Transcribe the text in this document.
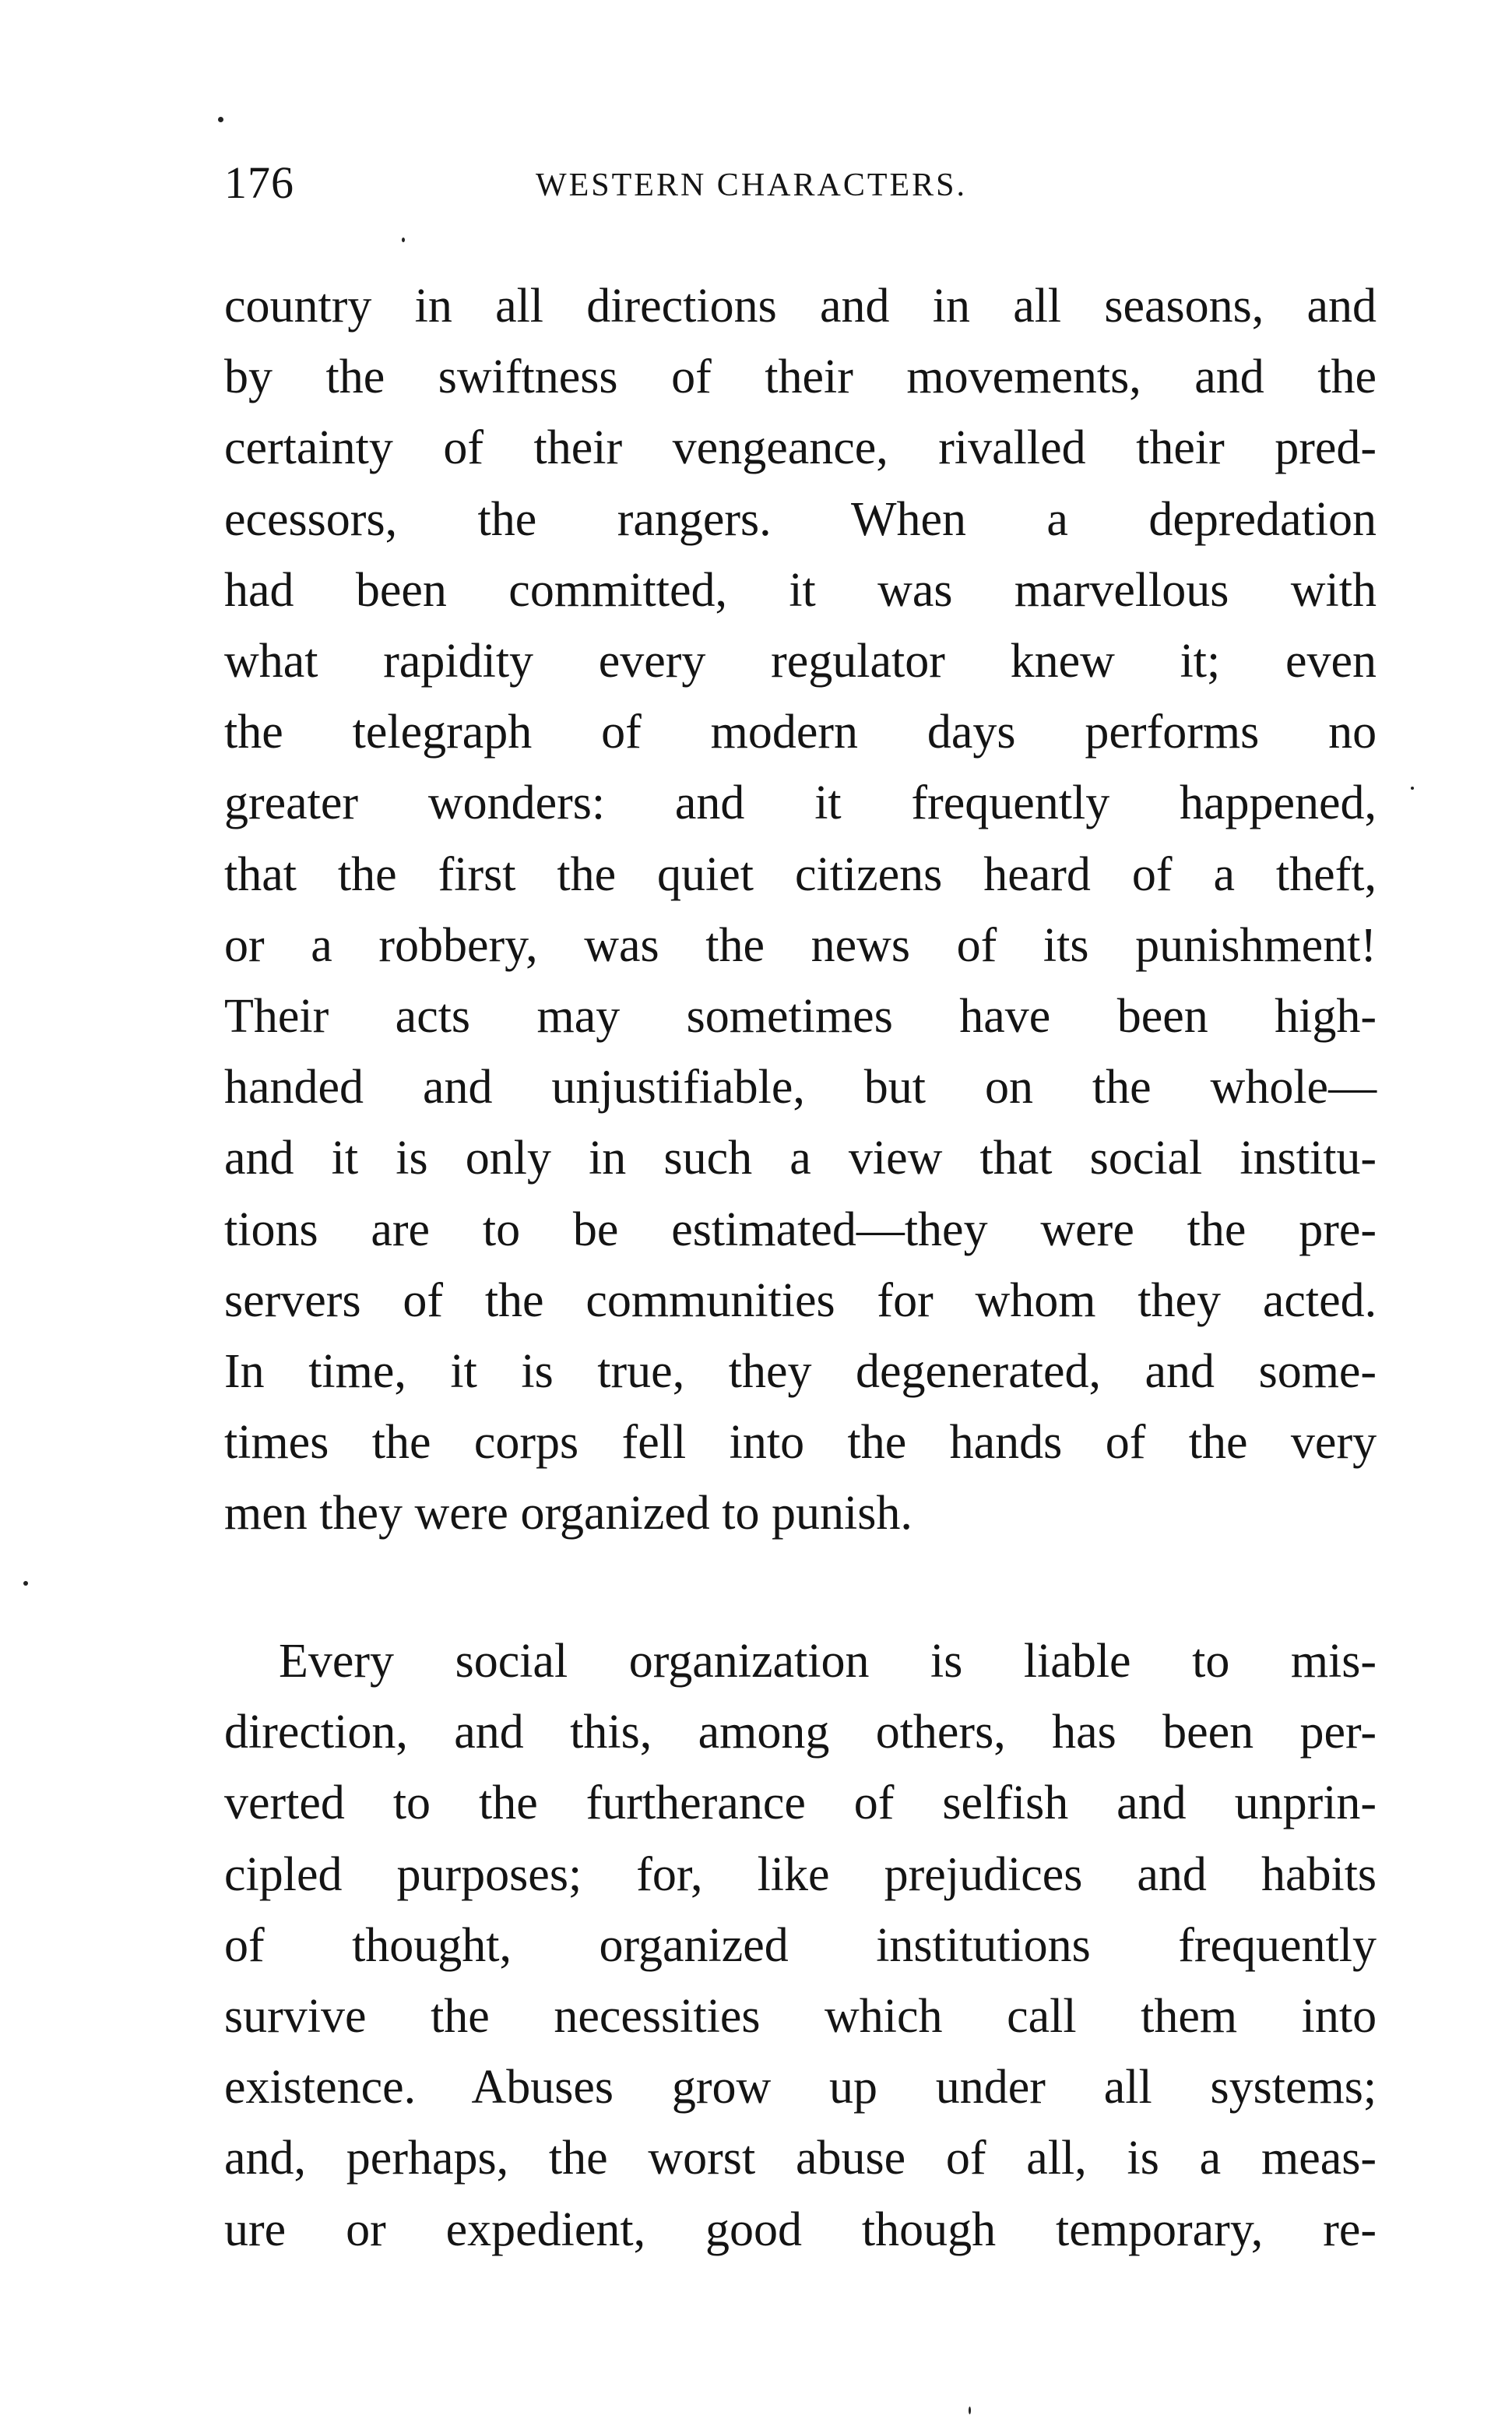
176	WESTERN CHARACTERS.
country in all directions and in all seasons, and
by the swiftness of their movements, and the
certainty of their vengeance, rivalled their pred-
ecessors, the rangers. When a depredation
had been committed, it was marvellous with
what rapidity every regulator knew it; even
the telegraph of modern days performs no
greater wonders: and it frequently happened,
that the first the quiet citizens heard of a theft,
or a robbery, was the news of its punishment!
Their acts may sometimes have been high-
handed and unjustifiable, but on the whole—
and it is only in such a view that social institu-
tions are to be estimated—they were the pre-
servers of the communities for whom they acted.
In time, it is true, they degenerated, and some-
times the corps fell into the hands of the very
men they were organized to punish.
Every social organization is liable to mis-
direction, and this, among others, has been per-
verted to the furtherance of selfish and unprin-
cipled purposes; for, like prejudices and habits
of thought, organized institutions frequently
survive the necessities which call them into
existence. Abuses grow up under all systems;
and, perhaps, the worst abuse of all, is a meas-
ure or expedient, good though temporary, re-
